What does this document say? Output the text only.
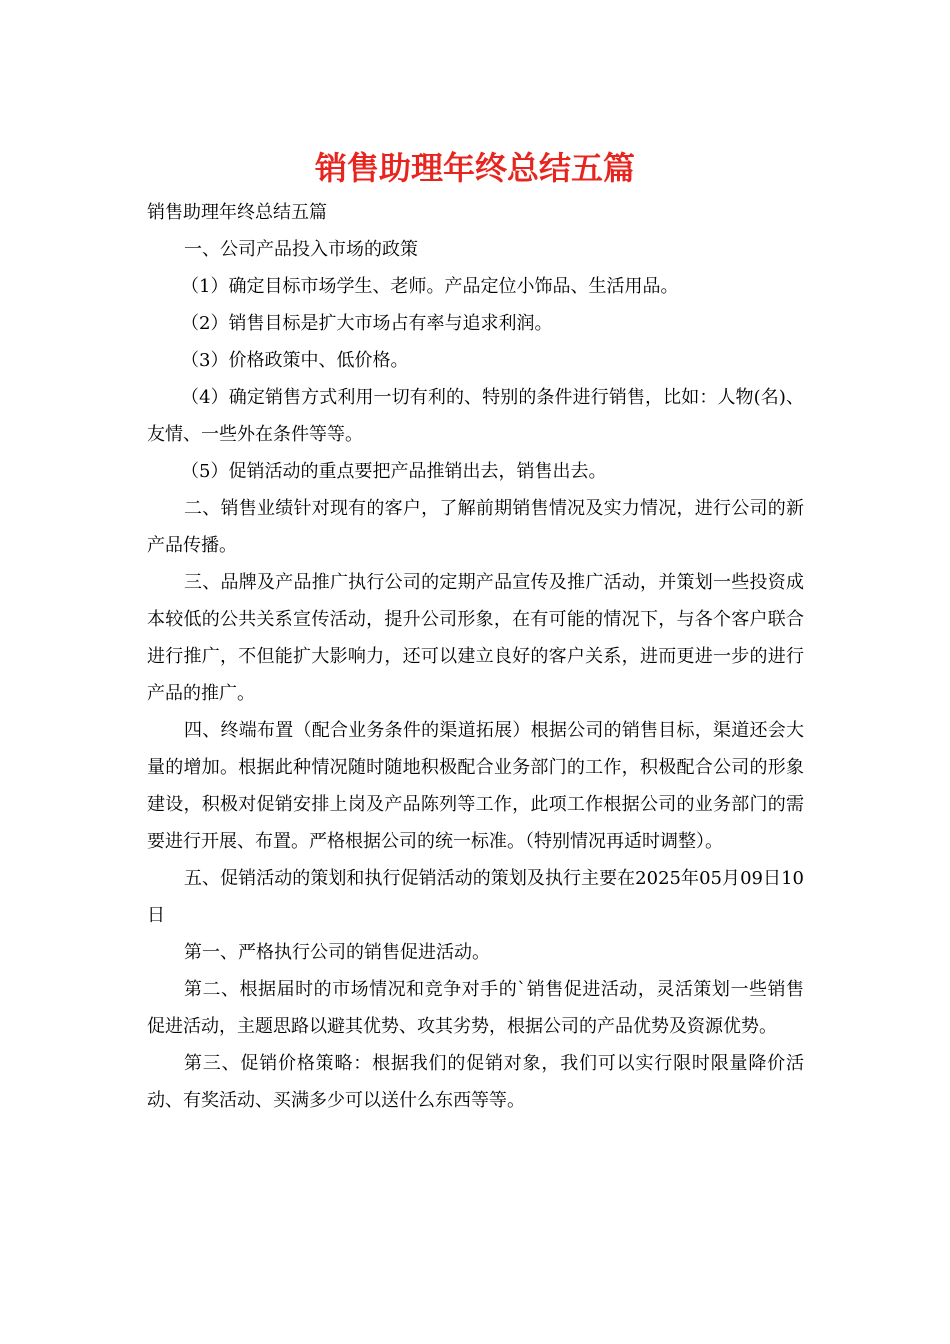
销售助理年终总结五篇

销售助理年终总结五篇

一、公司产品投入市场的政策

（1）确定目标市场学生、老师。产品定位小饰品、生活用品。

（2）销售目标是扩大市场占有率与追求利润。

（3）价格政策中、低价格。

（4）确定销售方式利用一切有利的、特别的条件进行销售，比如：人物(名)、友情、一些外在条件等等。

（5）促销活动的重点要把产品推销出去，销售出去。

二、销售业绩针对现有的客户，了解前期销售情况及实力情况，进行公司的新产品传播。

三、品牌及产品推广执行公司的定期产品宣传及推广活动，并策划一些投资成本较低的公共关系宣传活动，提升公司形象，在有可能的情况下，与各个客户联合进行推广，不但能扩大影响力，还可以建立良好的客户关系，进而更进一步的进行产品的推广。

四、终端布置（配合业务条件的渠道拓展）根据公司的销售目标，渠道还会大量的增加。根据此种情况随时随地积极配合业务部门的工作，积极配合公司的形象建设，积极对促销安排上岗及产品陈列等工作，此项工作根据公司的业务部门的需要进行开展、布置。严格根据公司的统一标准。（特别情况再适时调整）。

五、促销活动的策划和执行促销活动的策划及执行主要在2025年05月09日10日

第一、严格执行公司的销售促进活动。

第二、根据届时的市场情况和竞争对手的`销售促进活动，灵活策划一些销售促进活动，主题思路以避其优势、攻其劣势，根据公司的产品优势及资源优势。

第三、促销价格策略：根据我们的促销对象，我们可以实行限时限量降价活动、有奖活动、买满多少可以送什么东西等等。
